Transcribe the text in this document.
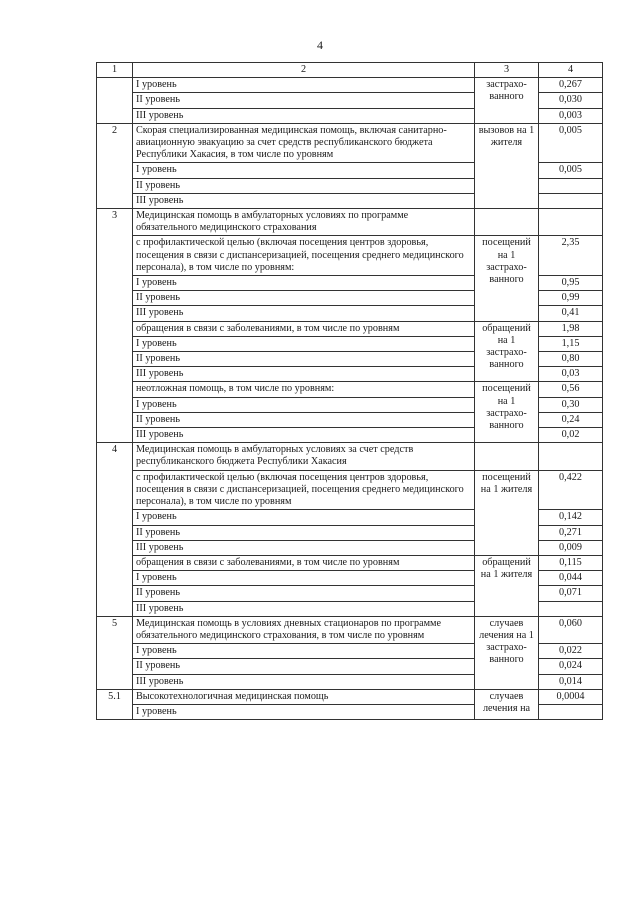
4
1	2	3	4
	I уровень	застрахо-ванного	0,267
	II уровень		0,030
	III уровень		0,003
2	Скорая специализированная медицинская помощь, включая санитарно-авиационную эвакуацию за счет средств республиканского бюджета Республики Хакасия, в том числе по уровням	вызовов на 1 жителя	0,005
	I уровень		0,005
	II уровень		
	III уровень		
3	Медицинская помощь в амбулаторных условиях по программе обязательного медицинского страхования		
	с профилактической целью (включая посещения центров здоровья, посещения в связи с диспансеризацией, посещения среднего медицинского персонала), в том числе по уровням:	посещений на 1 застрахо-ванного	2,35
	I уровень		0,95
	II уровень		0,99
	III уровень		0,41
	обращения в связи с заболеваниями, в том числе по уровням	обращений на 1 застрахо-ванного	1,98
	I уровень		1,15
	II уровень		0,80
	III уровень		0,03
	неотложная помощь, в том числе по уровням:	посещений на 1 застрахо-ванного	0,56
	I уровень		0,30
	II уровень		0,24
	III уровень		0,02
4	Медицинская помощь в амбулаторных условиях за счет средств республиканского бюджета Республики Хакасия		
	с профилактической целью (включая посещения центров здоровья, посещения в связи с диспансеризацией, посещения среднего медицинского персонала), в том числе по уровням	посещений на 1 жителя	0,422
	I уровень		0,142
	II уровень		0,271
	III уровень		0,009
	обращения в связи с заболеваниями, в том числе по уровням	обращений на 1 жителя	0,115
	I уровень		0,044
	II уровень		0,071
	III уровень		
5	Медицинская помощь в условиях дневных стационаров по программе обязательного медицинского страхования, в том числе по уровням	случаев лечения на 1 застрахо-ванного	0,060
	I уровень		0,022
	II уровень		0,024
	III уровень		0,014
5.1	Высокотехнологичная медицинская помощь	случаев лечения на	0,0004
	I уровень		
